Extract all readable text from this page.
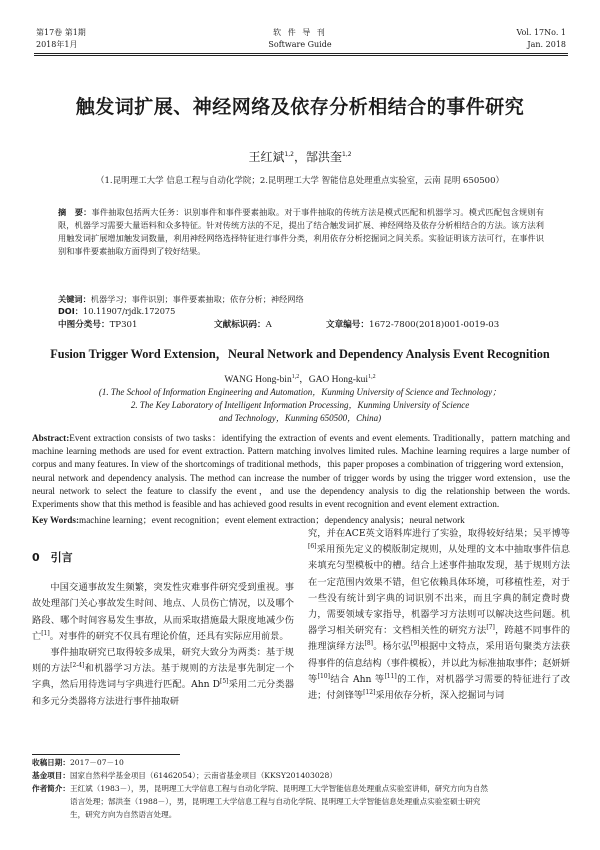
第17卷 第1期
2018年1月
软 件 导 刊
Software Guide
Vol. 17No. 1
Jan. 2018
触发词扩展、神经网络及依存分析相结合的事件研究
王红斌$^{1,2}$，郜洪奎$^{1,2}$
（1.昆明理工大学 信息工程与自动化学院；2.昆明理工大学 智能信息处理重点实验室，云南 昆明 650500）
摘　要：事件抽取包括两大任务：识别事件和事件要素抽取。对于事件抽取的传统方法是模式匹配和机器学习。模式匹配包含规则有限，机器学习需要大量语料和众多特征。针对传统方法的不足，提出了结合触发词扩展、神经网络及依存分析相结合的方法。该方法利用触发词扩展增加触发词数量，利用神经网络选择特征进行事件分类，利用依存分析挖掘词之间关系。实验证明该方法可行，在事件识别和事件要素抽取方面得到了较好结果。
关键词：机器学习；事件识别；事件要素抽取；依存分析；神经网络
DOI：10.11907/rjdk.172075
中图分类号：TP301	文献标识码：A	文章编号：1672-7800(2018)001-0019-03
Fusion Trigger Word Extension，Neural Network and Dependency Analysis Event Recognition
WANG Hong-bin$^{1,2}$，GAO Hong-kui$^{1,2}$
(1. The School of Information Engineering and Automation，Kunming University of Science and Technology；
2. The Key Laboratory of Intelligent Information Processing，Kunming University of Science
and Technology，Kunming 650500，China)
Abstract:Event extraction consists of two tasks：identifying the extraction of events and event elements. Traditionally，pattern matching and machine learning methods are used for event extraction. Pattern matching involves limited rules. Machine learning requires a large number of corpus and many features. In view of the shortcomings of traditional methods，this paper proposes a combination of triggering word extension，neural network and dependency analysis. The method can increase the number of trigger words by using the trigger word extension，use the neural network to select the feature to classify the event，and use the dependency analysis to dig the relationship between the words. Experiments show that this method is feasible and has achieved good results in event recognition and event element extraction.
Key Words:machine learning；event recognition；event element extraction；dependency analysis；neural network
0　引言

中国交通事故发生频繁，突发性灾难事件研究受到重视。事故处理部门关心事故发生时间、地点、人员伤亡情况，以及哪个路段、哪个时间容易发生事故，从而采取措施最大限度地减少伤亡[1]。对事件的研究不仅具有理论价值，还具有实际应用前景。

事件抽取研究已取得较多成果，研究大致分为两类：基于规则的方法[2-4]和机器学习方法。基于规则的方法是事先制定一个字典，然后用待选词与字典进行匹配。Ahn D[5]采用二元分类器和多元分类器将方法进行事件抽取研

究，并在ACE英文语料库进行了实验，取得较好结果；吴平博等[6]采用预先定义的模版制定规则，从处理的文本中抽取事件信息来填充匀型模板中的槽。结合上述事件抽取发现，基于规则方法在一定范围内效果不错，但它依赖具体环境，可移植性差，对于一些没有统计到字典的词识别不出来，而且字典的制定费时费力，需要领域专家指导，机器学习方法则可以解决这些问题。机器学习相关研究有：文档相关性的研究方法[7]，跨越不同事件的推理演绎方法[8]。杨尔弘[9]根据中文特点，采用语句聚类方法获得事件的信息结构（事件模板），并以此为标准抽取事件；赵妍妍等[10]结合 Ahn 等[11]的工作，对机器学习需要的特征进行了改进；付剑锋等[12]采用依存分析，深入挖掘词与词

收稿日期：2017－07－10
基金项目：国家自然科学基金项目（61462054）；云南省基金项目（KKSY201403028）
作者简介：王红斌（1983－），男，昆明理工大学信息工程与自动化学院、昆明理工大学智能信息处理重点实验室讲师，研究方向为自然
语言处理；郜洪奎（1988－），男，昆明理工大学信息工程与自动化学院、昆明理工大学智能信息处理重点实验室硕士研究
生，研究方向为自然语言处理。
